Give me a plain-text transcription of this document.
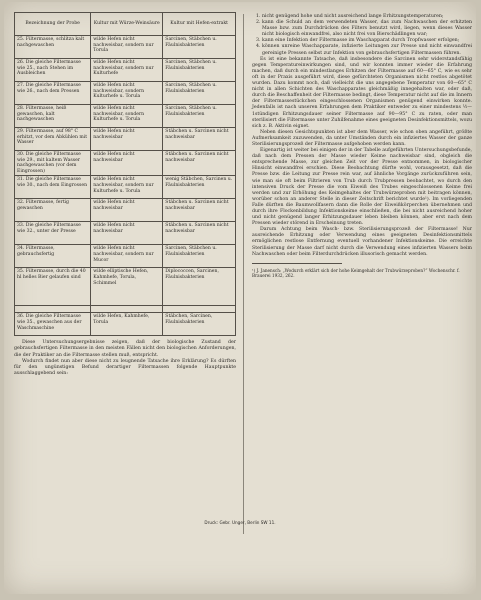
Bezeichnung der Probe	Kultur mit Würze-Weinsäure	Kultur mit Hefen-extrakt
25. Filtermasse, schlitza kalt nachgewaschen	wilde Hefen nicht nachweisbar, sondern nur Torula	Sarcinen, Stäbchen u. Fäulnisbakterien
26. Die gleiche Filtermasse wie 25., nach Stehen im Ausbleichen	wilde Hefen nicht nachweisbar, sondern nur Kulturhefe	Sarcinen, Stäbchen u. Fäulnisbakterien
27. Die gleiche Filtermasse wie 26., nach dem Pressen	wilde Hefen nicht nachweisbar, sondern Kulturhefe u. Torula	Sarcinen, Stäbchen u. Fäulnisbakterien
28. Filtermasse, heiß gewaschen, kalt nachgewaschen	wilde Hefen nicht nachweisbar, sondern Kulturhefe u. Torula	Sarcinen, Stäbchen u. Fäulnisbakterien
29. Filtermasse, auf 98° C erhitzt, vor dem Abkühlen mit Wasser	wilde Hefen nicht nachweisbar	Stäbchen u. Sarcinen nicht nachweisbar
30. Die gleiche Filtermasse wie 29., mit kaltem Wasser nachgewaschen (vor dem Eingrossen)	wilde Hefen nicht nachweisbar	Stäbchen u. Sarcinen nicht nachweisbar
31. Die gleiche Filtermasse wie 30., nach dem Eingrossen	wilde Hefen nicht nachweisbar, sondern nur Kulturhefe u. Torula	wenig Stäbchen, Sarcinen u. Fäulnisbakterien
32. Filtermasse, fertig gewaschen	wilde Hefen nicht nachweisbar	Stäbchen u. Sarcinen nicht nachweisbar
33. Die gleiche Filtermasse wie 32., unter der Presse	wilde Hefen nicht nachweisbar	Stäbchen u. Sarcinen nicht nachweisbar
34. Filtermasse, gebrauchsfertig	wilde Hefen nicht nachweisbar, sondern nur Mucor	Sarcinen, Stäbchen u. Fäulnisbakterien
35. Filtermasse, durch die 40 hl helles Bier gelaufen sind	wilde elliptische Hefen, Kahmhefe, Torula, Schimmel	Diplococcen, Sarcinen, Fäulnisbakterien

36. Die gleiche Filtermasse wie 35., gewaschen aus der Waschmaschine	wilde Hefen, Kahmhefe, Torula	Stäbchen, Sarcinen, Fäulnisbakterien

Diese Untersuchungsergebnisse zeigen, daß der biologische Zustand der gebrauchsfertigen Filtermasse in den meisten Fällen nicht den biologischen Anforderungen, die der Praktiker an die Filtermasse stellen muß, entspricht.

Wodurch findet nun aber diese nicht zu leugnende Tatsache ihre Erklärung? Es dürften für den ungünstigen Befund derartiger Filtermassen folgende Hauptpunkte ausschlaggebend sein:

1. nicht genügend hohe und nicht ausreichend lange Erhitzungstemperaturen;
2. kann die Schuld an dem verwendeten Wasser, das zum Nachwaschen der erhitzten Masse bzw. zum Durchdrücken des Filters benutzt wird, liegen, wenn dieses Wasser nicht biologisch einwandfrei, also nicht frei von Bierschädlingen war;
3. kann eine Infektion der Filtermasse im Waschapparat durch Tropfwasser erfolgen;
4. können unreine Waschapparate, infizierte Leitungen zur Presse und nicht einwandfrei gereinigte Pressen selbst zur Infektion von gebrauchsfertigen Filtermassen führen.

Es ist eine bekannte Tatsache, daß insbesondere die Sarcinen sehr widerstandsfähig gegen Temperatureinwirkungen sind, und wir konnten immer wieder die Erfahrung machen, daß durch ein mindestlanges Erhitzen der Filtermasse auf 60—65° C, wie es sehr oft in der Praxis ausgeführt wird, diese gefürchteten Organismen nicht restlos abgetötet wurden. Dazu kommt noch, daß vielleicht die uns angegebene Temperatur von 60—65° C nicht in allen Schichten des Waschapparates gleichmäßig innegehalten war, oder daß, durch die Beschaffenheit der Filtermasse bedingt, diese Temperatur nicht auf die im Innern der Filtermassestückchen eingeschlossenen Organismen genügend einwirken konnte. Jedenfalls ist nach unseren Erfahrungen dem Praktiker entweder zu einer mindestens ½—1stündigen Erhitzungsdauer seiner Filtermasse auf 90—95° C zu raten, oder man sterilisiert die Filtermasse unter Zuhilfenahme eines geeigneten Desinfektionsmittels, wozu sich z. B. Aktivin eignet.

Neben diesen Gesichtspunkten ist aber dem Wasser, wie schon oben angeführt, größte Aufmerksamkeit zuzuwenden, da unter Umständen durch ein infiziertes Wasser der ganze Sterilisierungsprozeß der Filtermasse aufgehoben werden kann.

Eigenartig ist weiter bei einigen der in der Tabelle aufgeführten Untersuchungsbefunde, daß nach dem Pressen der Masse wieder Keime nachweisbar sind, obgleich die entsprechende Masse, zur gleichen Zeit vor der Presse entnommen, in biologischer Hinsicht einwandfrei erschien. Diese Beobachtung dürfte wohl, vorausgesetzt, daß die Presse bzw. die Leitung zur Presse rein war, auf ähnliche Vorgänge zurückzuführen sein, wie man sie oft beim Filtrieren von Trub durch Trubpressen beobachtet, wo durch den intensiven Druck der Presse die vom Eiweiß des Trubes eingeschlossenen Keime frei werden und zur Erhöhung des Keimgehaltes der Trubwürzeproben mit beitragen können, worüber schon an anderer Stelle in dieser Zeitschrift berichtet wurde¹). Im vorliegenden Falle dürften die Baumwollfasern dann die Rolle der Eiweißkörperchen übernehmen und durch ihre Flockenbildung Infektionskeime einschließen, die bei nicht ausreichend hoher und nicht genügend langer Erhitzungsdauer leben bleiben können, aber erst nach dem Pressen wieder störend in Erscheinung treten.

Darum Achtung beim Wasch- bzw. Sterilisierungsprozeß der Filtermasse! Nur ausreichende Erhitzung oder Verwendung eines geeigneten Desinfektionsmittels ermöglichen restlose Entfernung eventuell vorhandener Infektionskeime. Die erreichte Sterilisierung der Masse darf nicht durch die Verwendung eines infizierten Wassers beim Nachwaschen oder beim Filterdurchdrücken illusorisch gemacht werden.

¹) J. Janensch: „Wodurch erklärt sich der hohe Keimgehalt der Trubwürzeproben?“ Wochenschr. f. Brauerei 1932, 262.

Druck: Gebr. Unger, Berlin SW 11.
